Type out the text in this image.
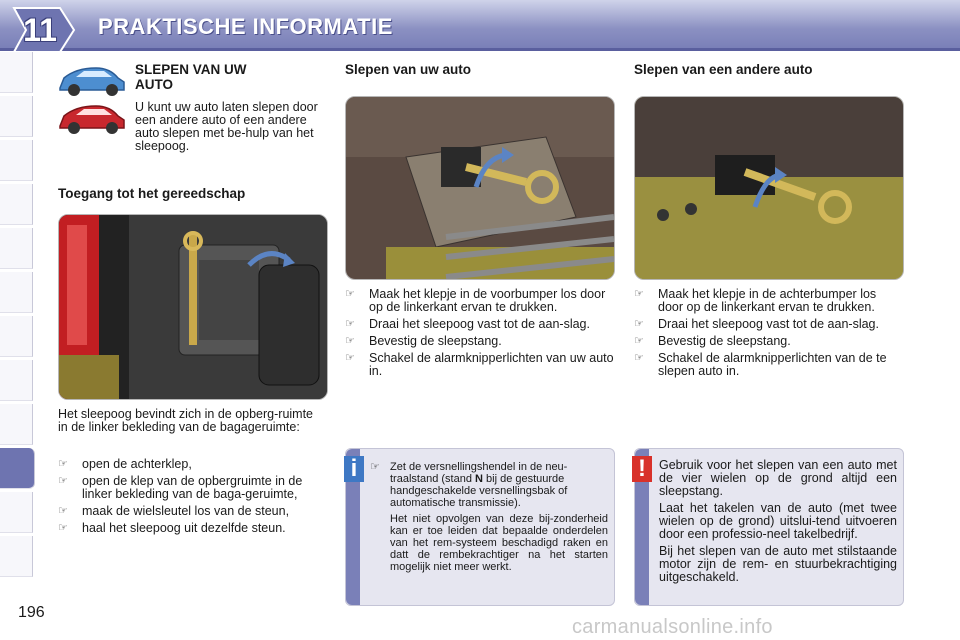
11	PRAKTISCHE INFORMATIE
SLEPEN VAN UW AUTO
U kunt uw auto laten slepen door een andere auto of een andere auto slepen met be-hulp van het sleepoog.
Toegang tot het gereedschap
Het sleepoog bevindt zich in de opberg-ruimte in de linker bekleding van de bagageruimte:
☞ open de achterklep,
☞ open de klep van de opbergruimte in de linker bekleding van de baga-geruimte,
☞ maak de wielsleutel los van de steun,
☞ haal het sleepoog uit dezelfde steun.
Slepen van uw auto
☞ Maak het klepje in de voorbumper los door op de linkerkant ervan te drukken.
☞ Draai het sleepoog vast tot de aan-slag.
☞ Bevestig de sleepstang.
☞ Schakel de alarmknipperlichten van uw auto in.
Slepen van een andere auto
☞ Maak het klepje in de achterbumper los door op de linkerkant ervan te drukken.
☞ Draai het sleepoog vast tot de aan-slag.
☞ Bevestig de sleepstang.
☞ Schakel de alarmknipperlichten van de te slepen auto in.
☞ Zet de versnellingshendel in de neu-traalstand (stand N bij de gestuurde handgeschakelde versnellingsbak of automatische transmissie).
Het niet opvolgen van deze bij-zonderheid kan er toe leiden dat bepaalde onderdelen van het rem-systeem beschadigd raken en datt de rembekrachtiger na het starten mogelijk niet meer werkt.
i	Gebruik voor het slepen van een auto met de vier wielen op de grond altijd een sleepstang.
Laat het takelen van de auto (met twee wielen op de grond) uitslui-tend uitvoeren door een professio-neel takelbedrijf.
Bij het slepen van de auto met stilstaande motor zijn de rem- en stuurbekrachtiging uitgeschakeld.
!
196
carmanualsonline.info
